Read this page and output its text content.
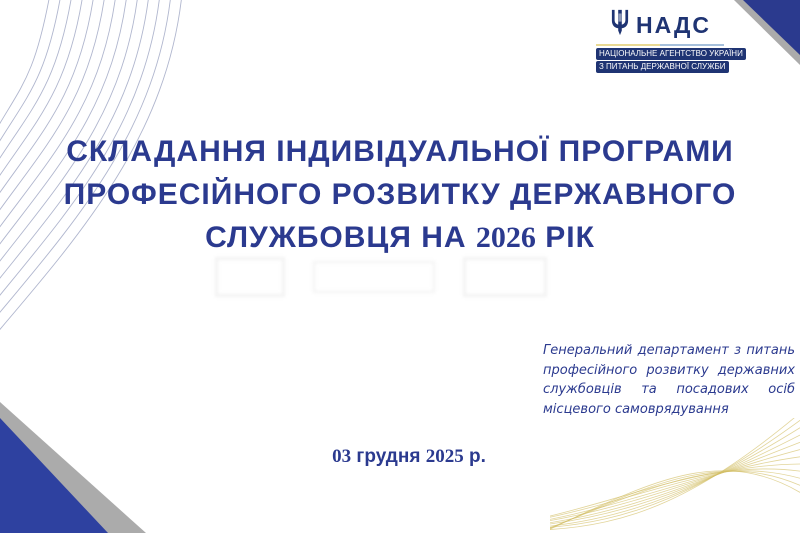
НАДС
НАЦІОНАЛЬНЕ АГЕНТСТВО УКРАЇНИ
З ПИТАНЬ ДЕРЖАВНОЇ СЛУЖБИ
СКЛАДАННЯ ІНДИВІДУАЛЬНОЇ ПРОГРАМИ
ПРОФЕСІЙНОГО РОЗВИТКУ ДЕРЖАВНОГО
СЛУЖБОВЦЯ НА 2026 РІК
Генеральний департамент з питань професійного розвитку державних службовців та посадових осіб місцевого самоврядування
03 грудня 2025 р.
